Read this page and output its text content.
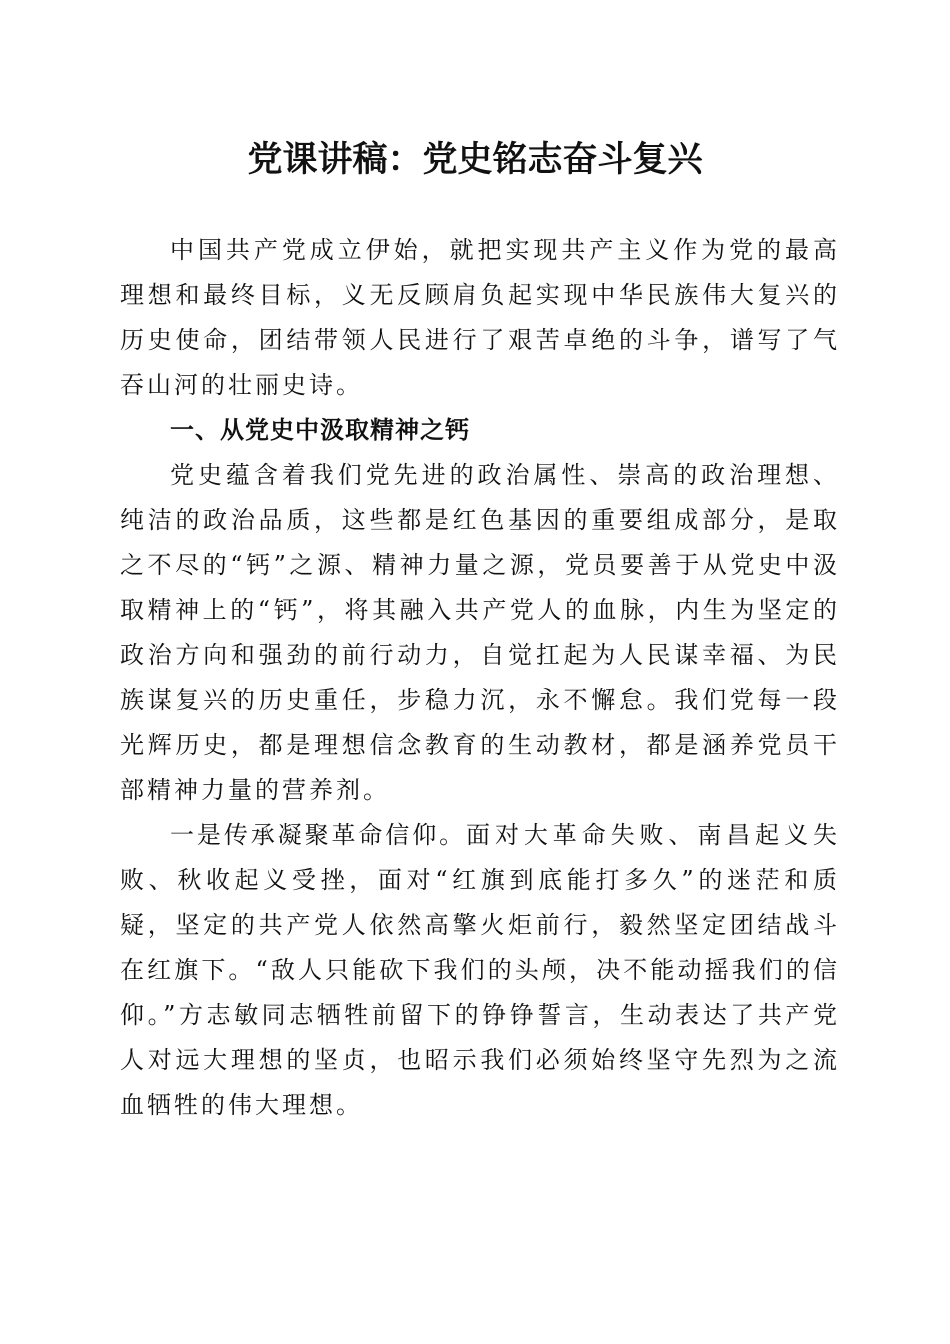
党课讲稿：党史铭志奋斗复兴

中国共产党成立伊始，就把实现共产主义作为党的最高理想和最终目标，义无反顾肩负起实现中华民族伟大复兴的历史使命，团结带领人民进行了艰苦卓绝的斗争，谱写了气吞山河的壮丽史诗。

一、从党史中汲取精神之钙

党史蕴含着我们党先进的政治属性、崇高的政治理想、纯洁的政治品质，这些都是红色基因的重要组成部分，是取之不尽的“钙”之源、精神力量之源，党员要善于从党史中汲取精神上的“钙”，将其融入共产党人的血脉，内生为坚定的政治方向和强劲的前行动力，自觉扛起为人民谋幸福、为民族谋复兴的历史重任，步稳力沉，永不懈怠。我们党每一段光辉历史，都是理想信念教育的生动教材，都是涵养党员干部精神力量的营养剂。

一是传承凝聚革命信仰。面对大革命失败、南昌起义失败、秋收起义受挫，面对“红旗到底能打多久”的迷茫和质疑，坚定的共产党人依然高擎火炬前行，毅然坚定团结战斗在红旗下。“敌人只能砍下我们的头颅，决不能动摇我们的信仰。”方志敏同志牺牲前留下的铮铮誓言，生动表达了共产党人对远大理想的坚贞，也昭示我们必须始终坚守先烈为之流血牺牲的伟大理想。
